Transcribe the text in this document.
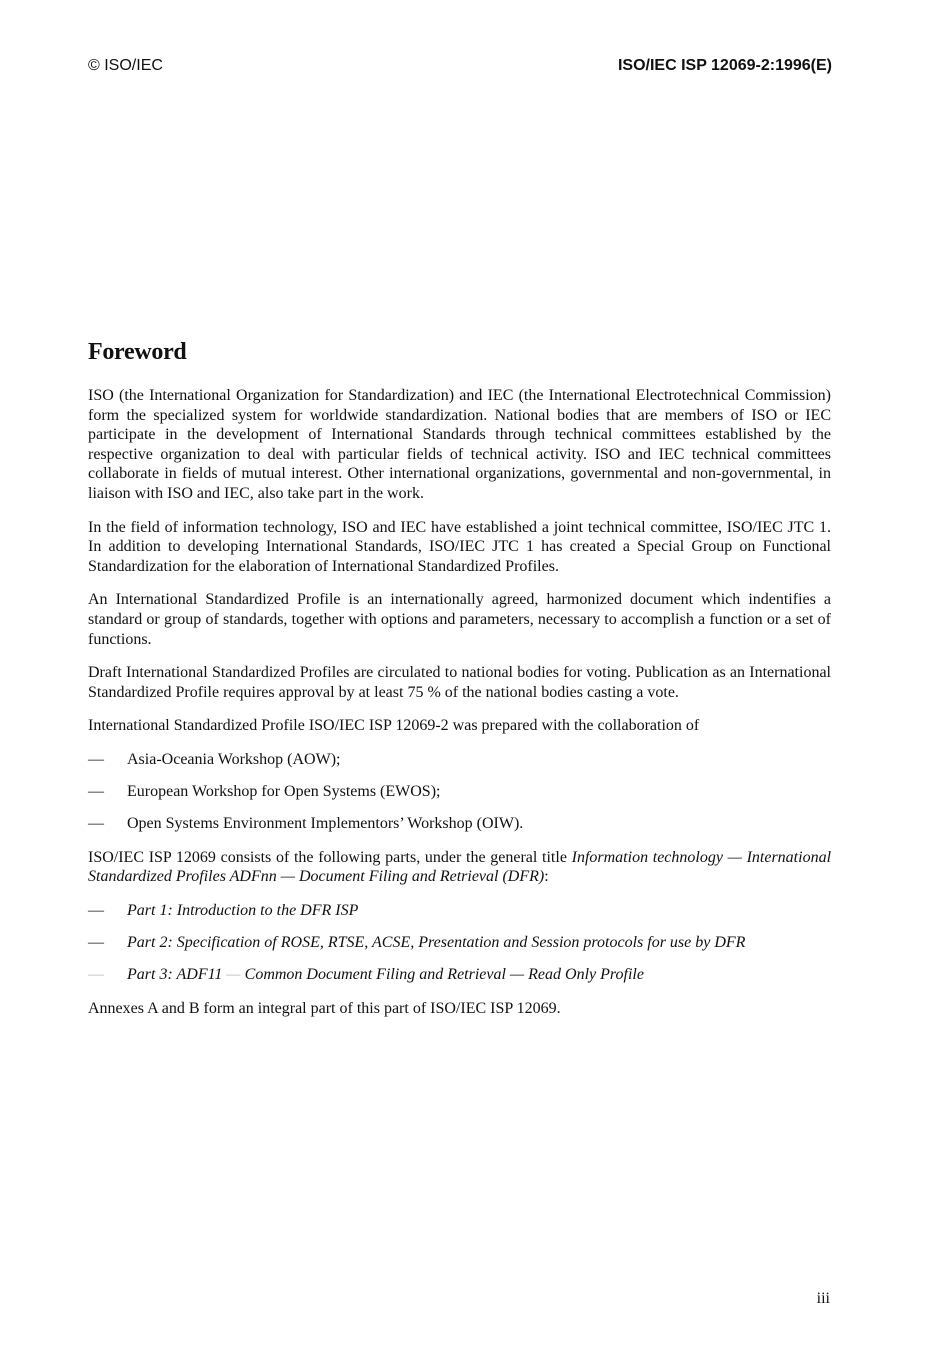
© ISO/IEC	ISO/IEC ISP 12069-2:1996(E)
Foreword

ISO (the International Organization for Standardization) and IEC (the International Electrotechnical Commission) form the specialized system for worldwide standardization. National bodies that are members of ISO or IEC participate in the development of International Standards through technical committees established by the respective organization to deal with particular fields of technical activity. ISO and IEC technical committees collaborate in fields of mutual interest. Other international organizations, governmental and non-governmental, in liaison with ISO and IEC, also take part in the work.

In the field of information technology, ISO and IEC have established a joint technical committee, ISO/IEC JTC 1. In addition to developing International Standards, ISO/IEC JTC 1 has created a Special Group on Functional Standardization for the elaboration of International Standardized Profiles.

An International Standardized Profile is an internationally agreed, harmonized document which indentifies a standard or group of standards, together with options and parameters, necessary to accomplish a function or a set of functions.

Draft International Standardized Profiles are circulated to national bodies for voting. Publication as an International Standardized Profile requires approval by at least 75 % of the national bodies casting a vote.

International Standardized Profile ISO/IEC ISP 12069-2 was prepared with the collaboration of

— Asia-Oceania Workshop (AOW);
— European Workshop for Open Systems (EWOS);
— Open Systems Environment Implementors’ Workshop (OIW).

ISO/IEC ISP 12069 consists of the following parts, under the general title Information technology — International Standardized Profiles ADFnn — Document Filing and Retrieval (DFR):

— Part 1: Introduction to the DFR ISP
— Part 2: Specification of ROSE, RTSE, ACSE, Presentation and Session protocols for use by DFR
— Part 3: ADF11 — Common Document Filing and Retrieval — Read Only Profile

Annexes A and B form an integral part of this part of ISO/IEC ISP 12069.

iii
